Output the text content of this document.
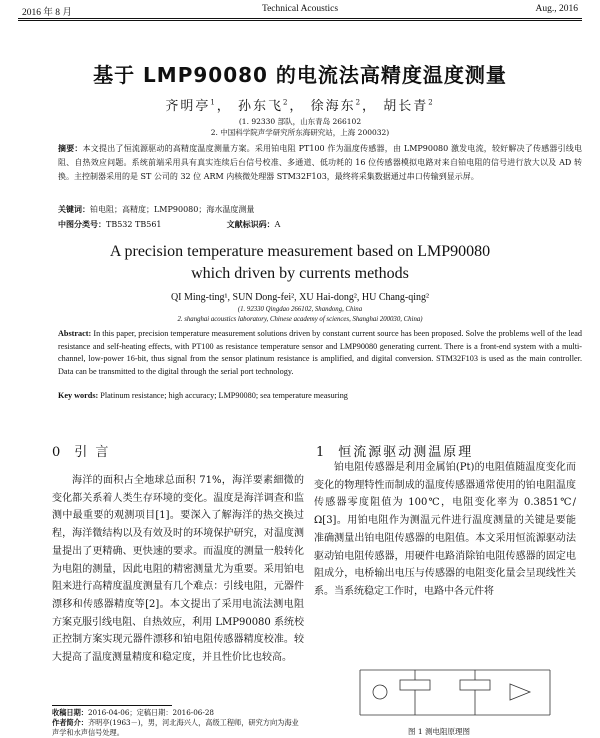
2016 年 8 月	Technical Acoustics	Aug., 2016
基于 LMP90080 的电流法高精度温度测量
齐明亭$^1$， 孙东飞$^2$， 徐海东$^2$， 胡长青$^2$
(1. 92330 部队，山东青岛 266102
2. 中国科学院声学研究所东海研究站，上海 200032)
摘要：本文提出了恒流源驱动的高精度温度测量方案。采用铂电阻 PT100 作为温度传感器，由 LMP90080 激发电流，较好解决了传感器引线电阻、自热效应问题。系统前端采用具有真实连续后台信号校准、多通道、低功耗的 16 位传感器模拟电路对来自铂电阻的信号进行放大以及 AD 转换。主控制器采用的是 ST 公司的 32 位 ARM 内核微处理器 STM32F103，最终将采集数据通过串口传输到显示屏。
关键词：铂电阻；高精度；LMP90080；海水温度测量
中图分类号：TB532 TB561	文献标识码：A
A precision temperature measurement based on LMP90080
which driven by currents methods
QI Ming-ting¹, SUN Dong-fei², XU Hai-dong², HU Chang-qing²
(1. 92330 Qingdao 266102, Shandong, China
2. shanghai acoustics laboratory, Chinese academy of sciences, Shanghai 200030, China)
Abstract: In this paper, precision temperature measurement solutions driven by constant current source has been proposed. Solve the problems well of the lead resistance and self-heating effects, with PT100 as resistance temperature sensor and LMP90080 generating current. There is a front-end system with a multi-channel, low-power 16-bit, thus signal from the sensor platinum resistance is amplified, and digital conversion. STM32F103 is used as the main controller. Data can be transmitted to the digital through the serial port technology.
Key words: Platinum resistance; high accuracy; LMP90080; sea temperature measuring
0 引 言	1 恒流源驱动测温原理
海洋的面积占全地球总面积 71%，海洋要素細微的变化都关系着人类生存环境的变化。温度是海洋调查和监测中最重要的观测项目[1]。要深入了解海洋的热交换过程，海洋微结构以及有效及时的环境保护研究，对温度测量提出了更精确、更快速的要求。而温度的测量一般转化为电阻的测量，因此电阻的精密测量尤为重要。采用铂电阻来进行高精度温度测量有几个难点：引线电阻，元器件漂移和传感器精度等[2]。本文提出了采用电流法测电阻方案克服引线电阻、自热效应，利用 LMP90080 系统校正控制方案实现元器件漂移和铂电阻传感器精度校准。较大提高了温度测量精度和稳定度，并且性价比也较高。
铂电阻传感器是利用金属铂(Pt)的电阻值随温度变化而变化的物理特性而制成的温度传感器通常使用的铂电阻温度传感器零度阻值为 100℃，电阻变化率为 0.3851℃/Ω[3]。用铂电阻作为测温元件进行温度测量的关键是要能准确测量出铂电阻传感器的电阻值。本文采用恒流源驱动法驱动铂电阻传感器，用硬件电路消除铂电阻传感器的固定电阻成分，电桥输出电压与传感器的电阻变化量会呈现线性关系。当系统稳定工作时，电路中各元件将
收稿日期：2016-04-06；定稿日期：2016-06-28
作者简介：齐明亭(1963－)，男，河北海兴人，高级工程师，研究方向为海业声学和水声信号处理。	图 1 测电阻原理图
